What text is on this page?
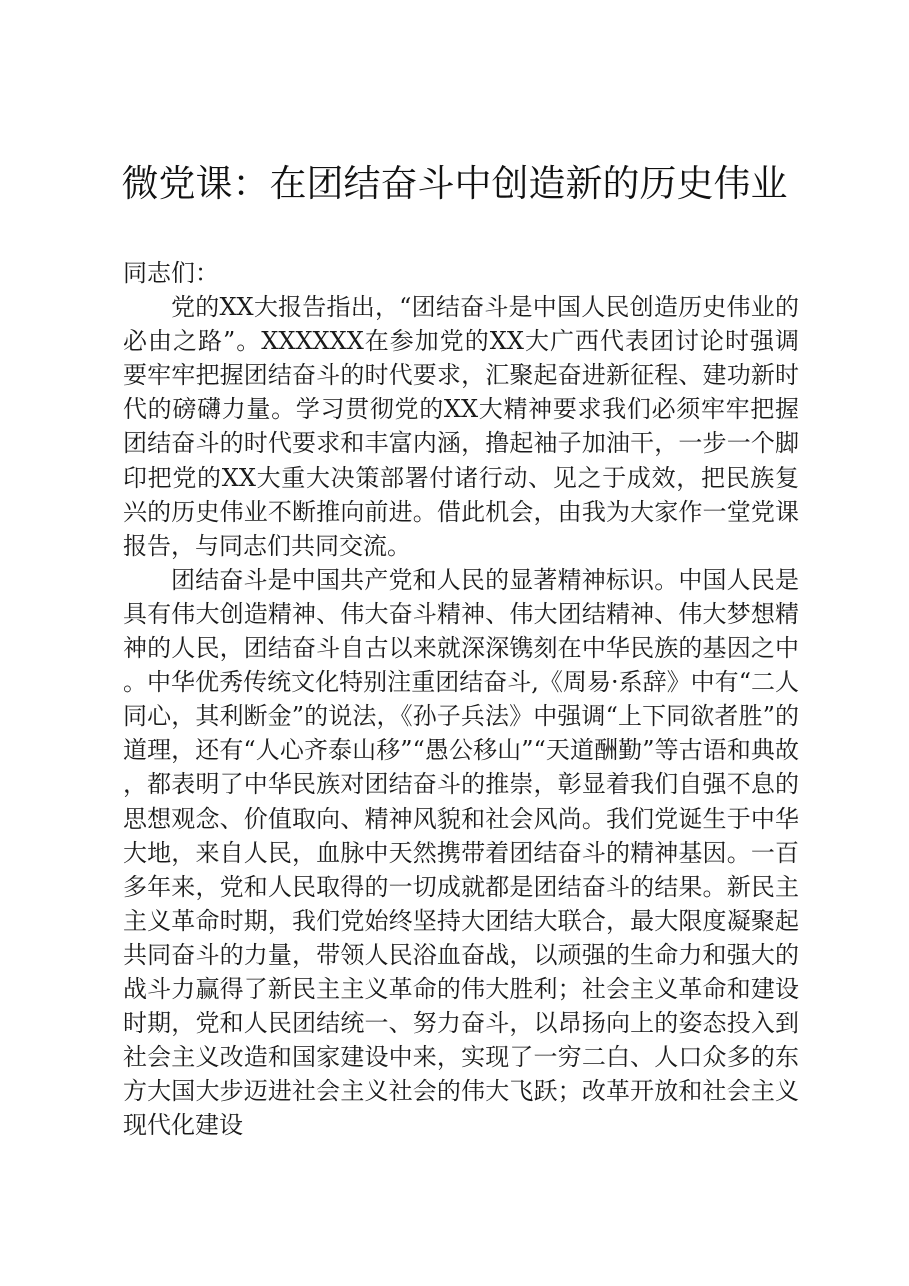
微党课：在团结奋斗中创造新的历史伟业

同志们：

党的XX大报告指出，“团结奋斗是中国人民创造历史伟业的必由之路”。XXXXXX在参加党的XX大广西代表团讨论时强调要牢牢把握团结奋斗的时代要求，汇聚起奋进新征程、建功新时代的磅礴力量。学习贯彻党的XX大精神要求我们必须牢牢把握团结奋斗的时代要求和丰富内涵，撸起袖子加油干，一步一个脚印把党的XX大重大决策部署付诸行动、见之于成效，把民族复兴的历史伟业不断推向前进。借此机会，由我为大家作一堂党课报告，与同志们共同交流。

团结奋斗是中国共产党和人民的显著精神标识。中国人民是具有伟大创造精神、伟大奋斗精神、伟大团结精神、伟大梦想精神的人民，团结奋斗自古以来就深深镌刻在中华民族的基因之中。中华优秀传统文化特别注重团结奋斗,《周易·系辞》中有“二人同心，其利断金”的说法，《孙子兵法》中强调“上下同欲者胜”的道理，还有“人心齐泰山移”“愚公移山”“天道酬勤”等古语和典故，都表明了中华民族对团结奋斗的推崇，彰显着我们自强不息的思想观念、价值取向、精神风貌和社会风尚。我们党诞生于中华大地，来自人民，血脉中天然携带着团结奋斗的精神基因。一百多年来，党和人民取得的一切成就都是团结奋斗的结果。新民主主义革命时期，我们党始终坚持大团结大联合，最大限度凝聚起共同奋斗的力量，带领人民浴血奋战，以顽强的生命力和强大的战斗力赢得了新民主主义革命的伟大胜利；社会主义革命和建设时期，党和人民团结统一、努力奋斗，以昂扬向上的姿态投入到社会主义改造和国家建设中来，实现了一穷二白、人口众多的东方大国大步迈进社会主义社会的伟大飞跃；改革开放和社会主义现代化建设
